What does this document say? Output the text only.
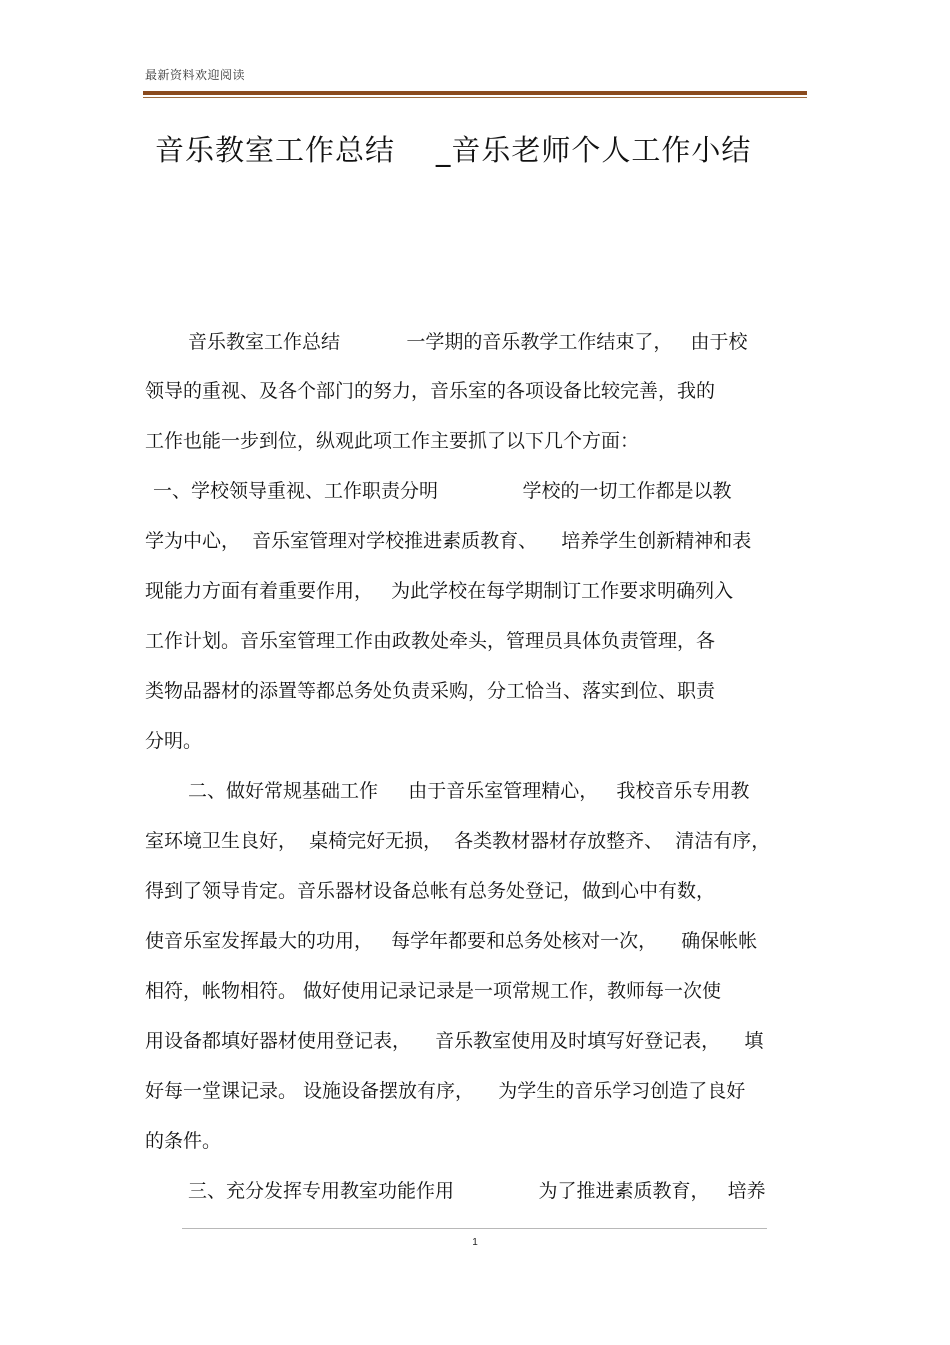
最新资料欢迎阅读
音乐教室工作总结    _音乐老师个人工作小结
音乐教室工作总结           一学期的音乐教学工作结束了，   由于校
领导的重视、及各个部门的努力，音乐室的各项设备比较完善，我的
工作也能一步到位，纵观此项工作主要抓了以下几个方面：
一、学校领导重视、工作职责分明              学校的一切工作都是以教
学为中心，  音乐室管理对学校推进素质教育、    培养学生创新精神和表
现能力方面有着重要作用，   为此学校在每学期制订工作要求明确列入
工作计划。音乐室管理工作由政教处牵头，管理员具体负责管理，各
类物品器材的添置等都总务处负责采购，分工恰当、落实到位、职责
分明。
二、做好常规基础工作     由于音乐室管理精心，   我校音乐专用教
室环境卫生良好，  桌椅完好无损，  各类教材器材存放整齐、  清洁有序，
得到了领导肯定。音乐器材设备总帐有总务处登记，做到心中有数，
使音乐室发挥最大的功用，   每学年都要和总务处核对一次，    确保帐帐
相符，帐物相符。 做好使用记录记录是一项常规工作，教师每一次使
用设备都填好器材使用登记表，    音乐教室使用及时填写好登记表，    填
好每一堂课记录。 设施设备摆放有序，    为学生的音乐学习创造了良好
的条件。
三、充分发挥专用教室功能作用              为了推进素质教育，   培养
1
